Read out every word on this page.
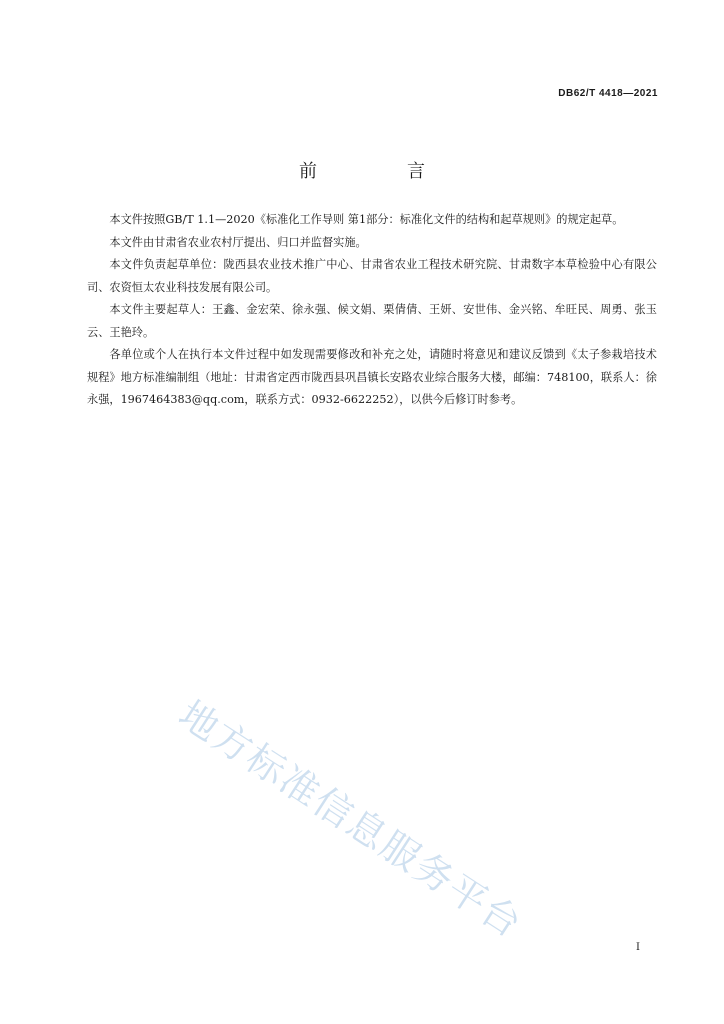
DB62/T 4418—2021
前　言

本文件按照GB/T 1.1—2020《标准化工作导则 第1部分：标准化文件的结构和起草规则》的规定起草。

本文件由甘肃省农业农村厅提出、归口并监督实施。

本文件负责起草单位：陇西县农业技术推广中心、甘肃省农业工程技术研究院、甘肃数字本草检验中心有限公司、农资恒太农业科技发展有限公司。

本文件主要起草人：王鑫、金宏荣、徐永强、候文娟、栗倩倩、王妍、安世伟、金兴铭、牟旺民、周勇、张玉云、王艳玲。

各单位或个人在执行本文件过程中如发现需要修改和补充之处，请随时将意见和建议反馈到《太子参栽培技术规程》地方标准编制组（地址：甘肃省定西市陇西县巩昌镇长安路农业综合服务大楼，邮编：748100，联系人：徐永强，1967464383@qq.com，联系方式：0932-6622252），以供今后修订时参考。

地方标准信息服务平台
I
